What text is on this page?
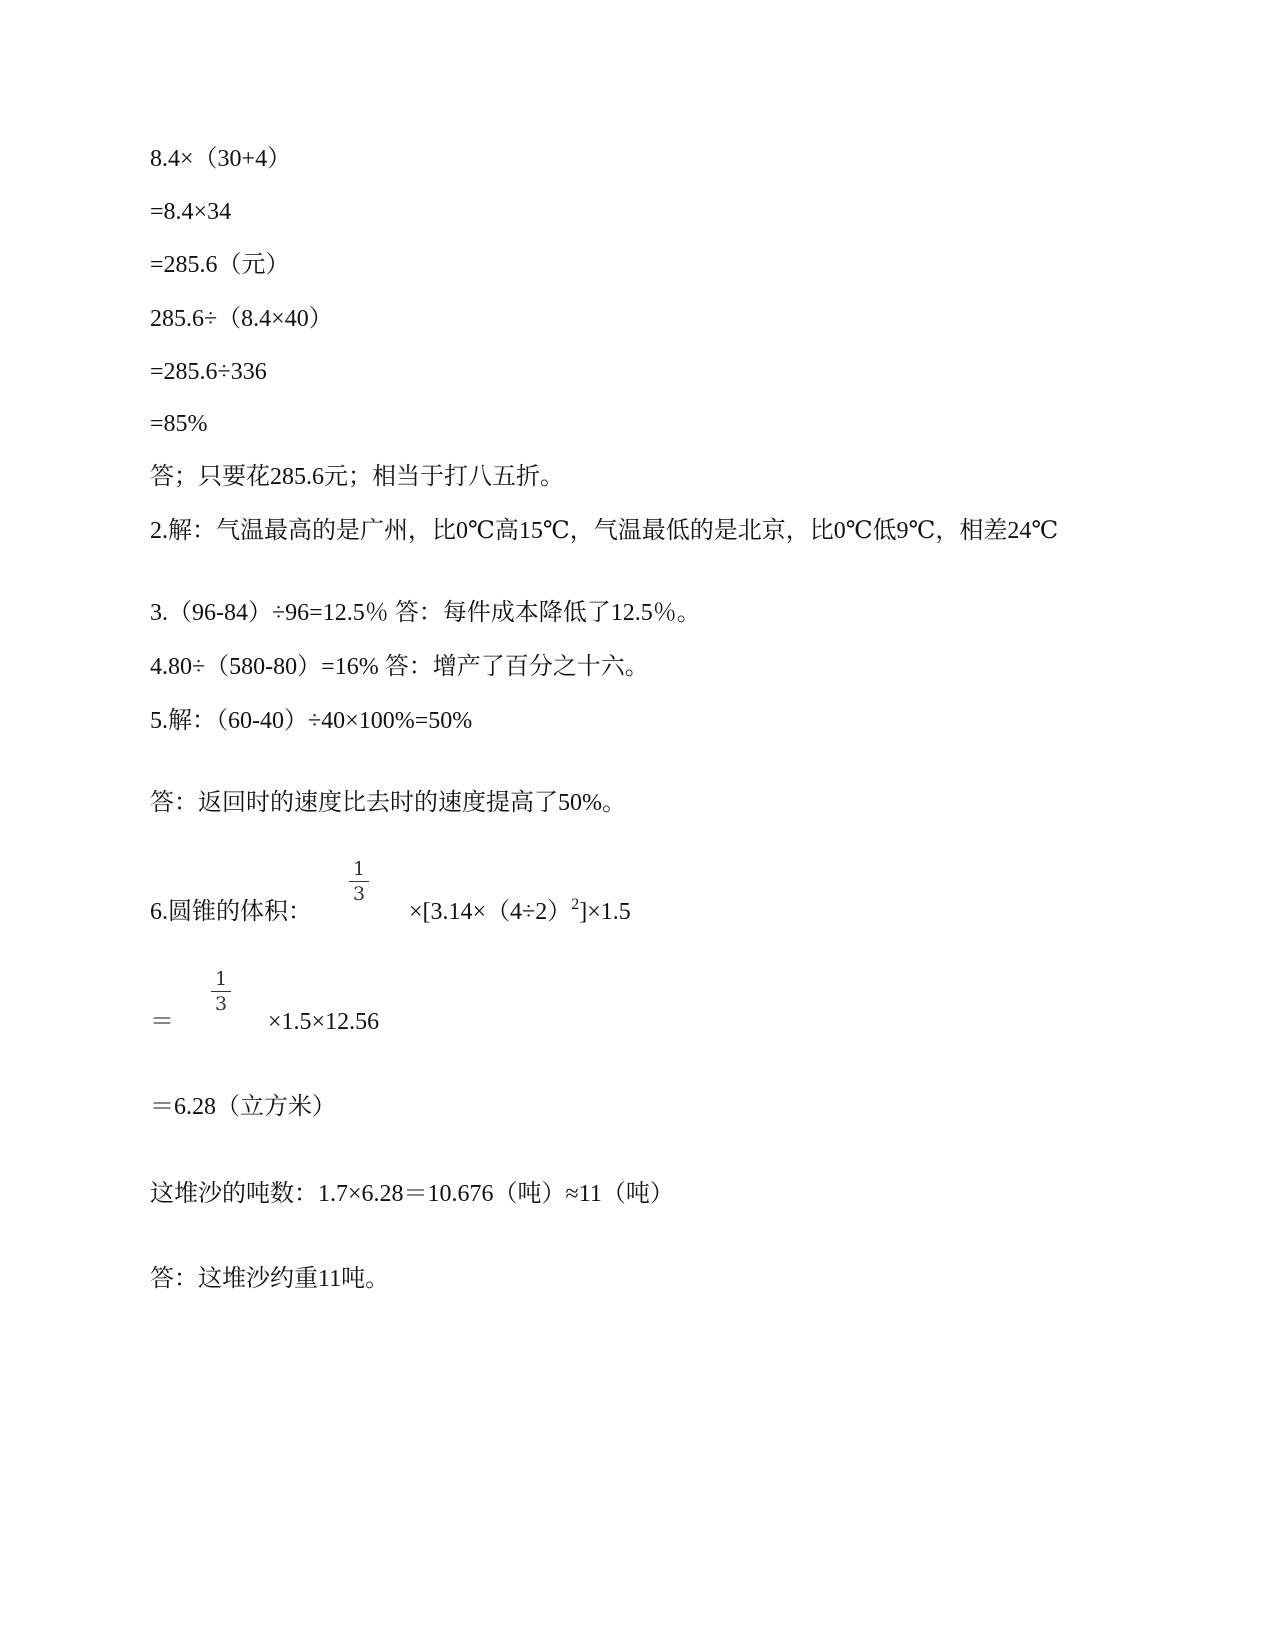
8.4×（30+4）
=8.4×34
=285.6（元）
285.6÷（8.4×40）
=285.6÷336
=85%
答；只要花285.6元；相当于打八五折。
2.解：气温最高的是广州，比0℃高15℃，气温最低的是北京，比0℃低9℃，相差24℃
3.（96-84）÷96=12.5％ 答：每件成本降低了12.5％。
4.80÷（580-80）=16% 答：增产了百分之十六。
5.解：（60-40）÷40×100%=50%
答：返回时的速度比去时的速度提高了50%。
6.圆锥的体积：
1
3
$\times[3.14\times(4\div 2)^2]\times 1.5$
＝
1
3
×1.5×12.56
＝6.28（立方米）
这堆沙的吨数：1.7×6.28＝10.676（吨）≈11（吨）
答：这堆沙约重11吨。
